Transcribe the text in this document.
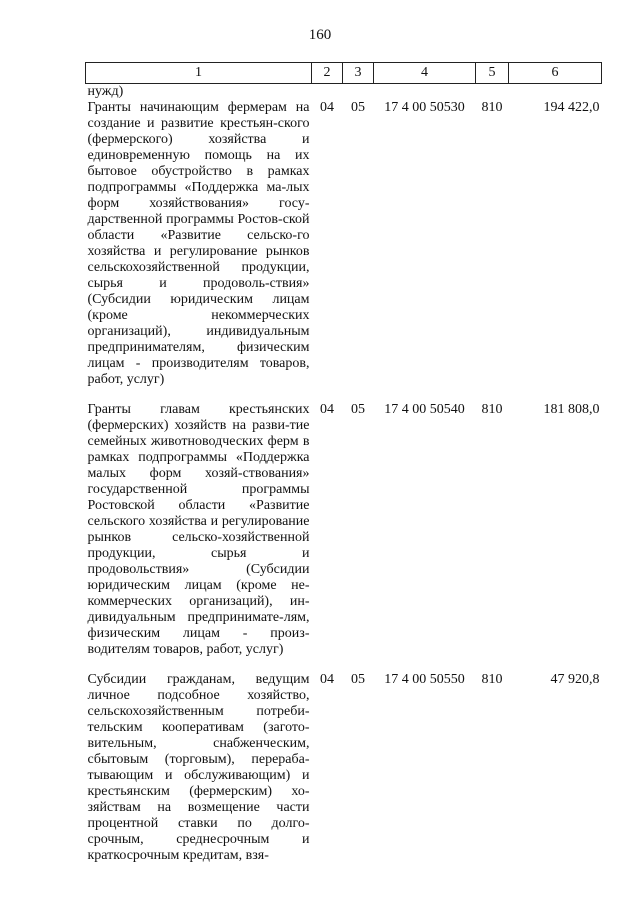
160
1	2	3	4	5	6
нужд)					
Гранты начинающим фермерам на создание и развитие крестьян-ского (фермерского) хозяйства и единовременную помощь на их бытовое обустройство в рамках подпрограммы «Поддержка ма-лых форм хозяйствования» госу-дарственной программы Ростов-ской области «Развитие сельско-го хозяйства и регулирование рынков сельскохозяйственной продукции, сырья и продоволь-ствия» (Субсидии юридическим лицам (кроме некоммерческих организаций), индивидуальным предпринимателям, физическим лицам - производителям товаров, работ, услуг)	04	05	17 4 00 50530	810	194 422,0

Гранты главам крестьянских (фермерских) хозяйств на разви-тие семейных животноводческих ферм в рамках подпрограммы «Поддержка малых форм хозяй-ствования» государственной программы Ростовской области «Развитие сельского хозяйства и регулирование рынков сельско-хозяйственной продукции, сырья и продовольствия» (Субсидии юридическим лицам (кроме не-коммерческих организаций), ин-дивидуальным предпринимате-лям, физическим лицам - произ-водителям товаров, работ, услуг)	04	05	17 4 00 50540	810	181 808,0

Субсидии гражданам, ведущим личное подсобное хозяйство, сельскохозяйственным потреби-тельским кооперативам (загото-вительным, снабженческим, сбытовым (торговым), перераба-тывающим и обслуживающим) и крестьянским (фермерским) хо-зяйствам на возмещение части процентной ставки по долго-срочным, среднесрочным и краткосрочным кредитам, взя-	04	05	17 4 00 50550	810	47 920,8
